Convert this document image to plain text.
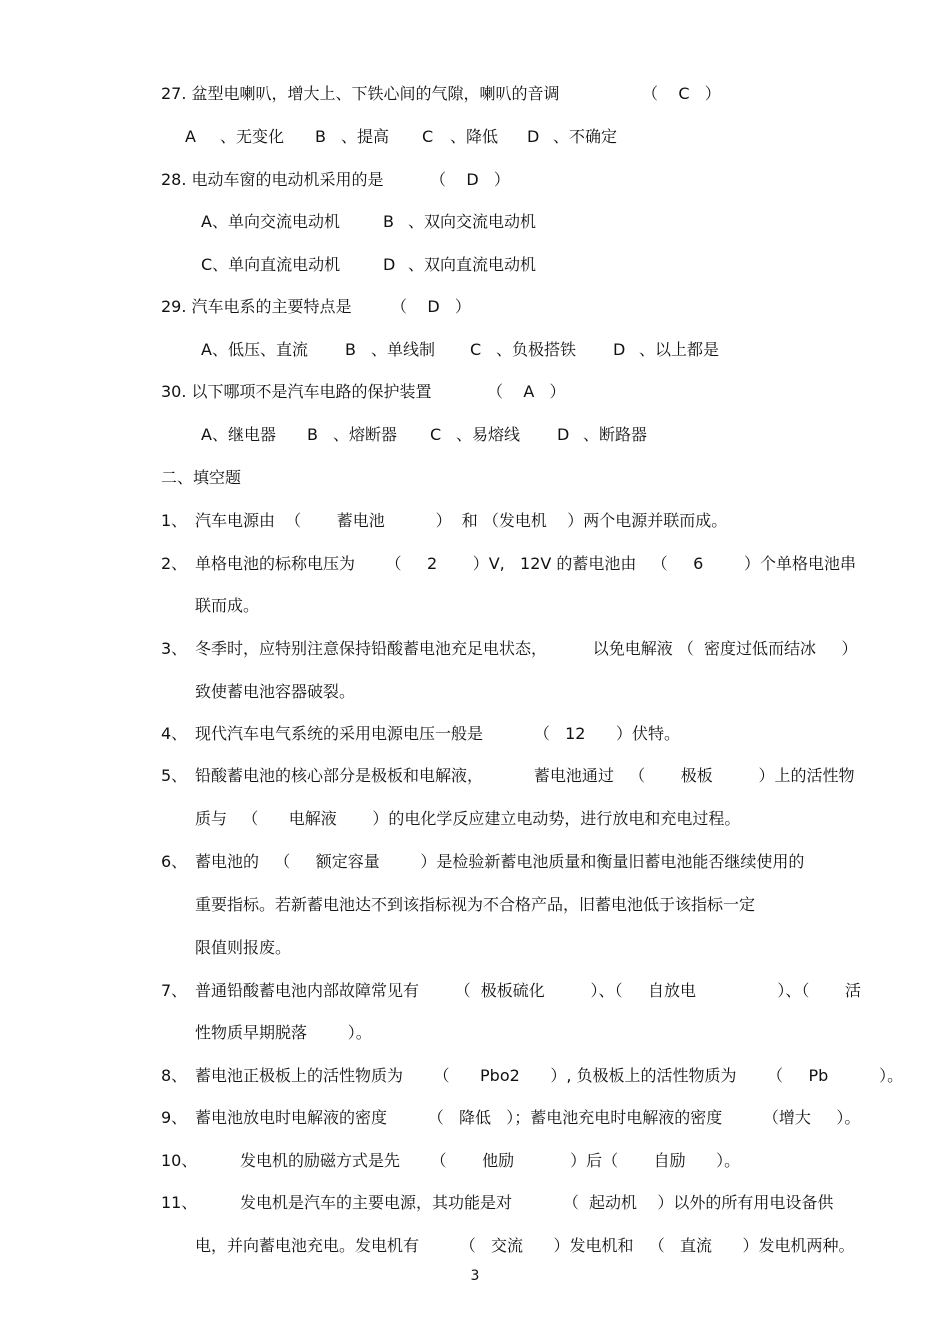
27. 盆型电喇叭，增大上、下铁心间的气隙，喇叭的音调	（    C   ）
A 、无变化 B 、提高 C 、降低 D 、不确定
28. 电动车窗的电动机采用的是	（    D   ）
A、单向交流电动机	B 、双向交流电动机
C、单向直流电动机	D 、双向直流电动机
29. 汽车电系的主要特点是 （    D   ）
A、低压、直流 B 、单线制 C 、负极搭铁 D 、以上都是
30. 以下哪项不是汽车电路的保护装置	（    A   ）
A、继电器 B 、熔断器 C 、易熔线 D 、断路器
二、填空题
1、 汽车电源由  （       蓄电池          ）  和 （发电机    ）两个电源并联而成。
2、 单格电池的标称电压为      （     2       ）V,   12V 的蓄电池由   （     6        ）个单格电池串
联而成。
3、 冬季时，应特别注意保持铅酸蓄电池充足电状态，         以免电解液 （  密度过低而结冰     ）
致使蓄电池容器破裂。
4、 现代汽车电气系统的采用电源电压一般是          （   12      ）伏特。
5、 铅酸蓄电池的核心部分是极板和电解液，          蓄电池通过   （       极板         ）上的活性物
质与   （      电解液       ）的电化学反应建立电动势，进行放电和充电过程。
6、 蓄电池的   （     额定容量        ）是检验新蓄电池质量和衡量旧蓄电池能否继续使用的
重要指标。若新蓄电池达不到该指标视为不合格产品，旧蓄电池低于该指标一定
限值则报废。
7、 普通铅酸蓄电池内部故障常见有       （  极板硫化         ）、（     自放电                ）、（       活
性物质早期脱落        ）。
8、 蓄电池正极板上的活性物质为      （      Pbo2      ）, 负极板上的活性物质为      （     Pb          ）。
9、 蓄电池放电时电解液的密度        （   降低   ）；蓄电池充电时电解液的密度        （增大     ）。
10、	发电机的励磁方式是先      （       他励           ）后（       自励      ）。
11、	发电机是汽车的主要电源，其功能是对          （  起动机    ）以外的所有用电设备供
电，并向蓄电池充电。发电机有        （   交流      ）发电机和   （   直流      ）发电机两种。
3
